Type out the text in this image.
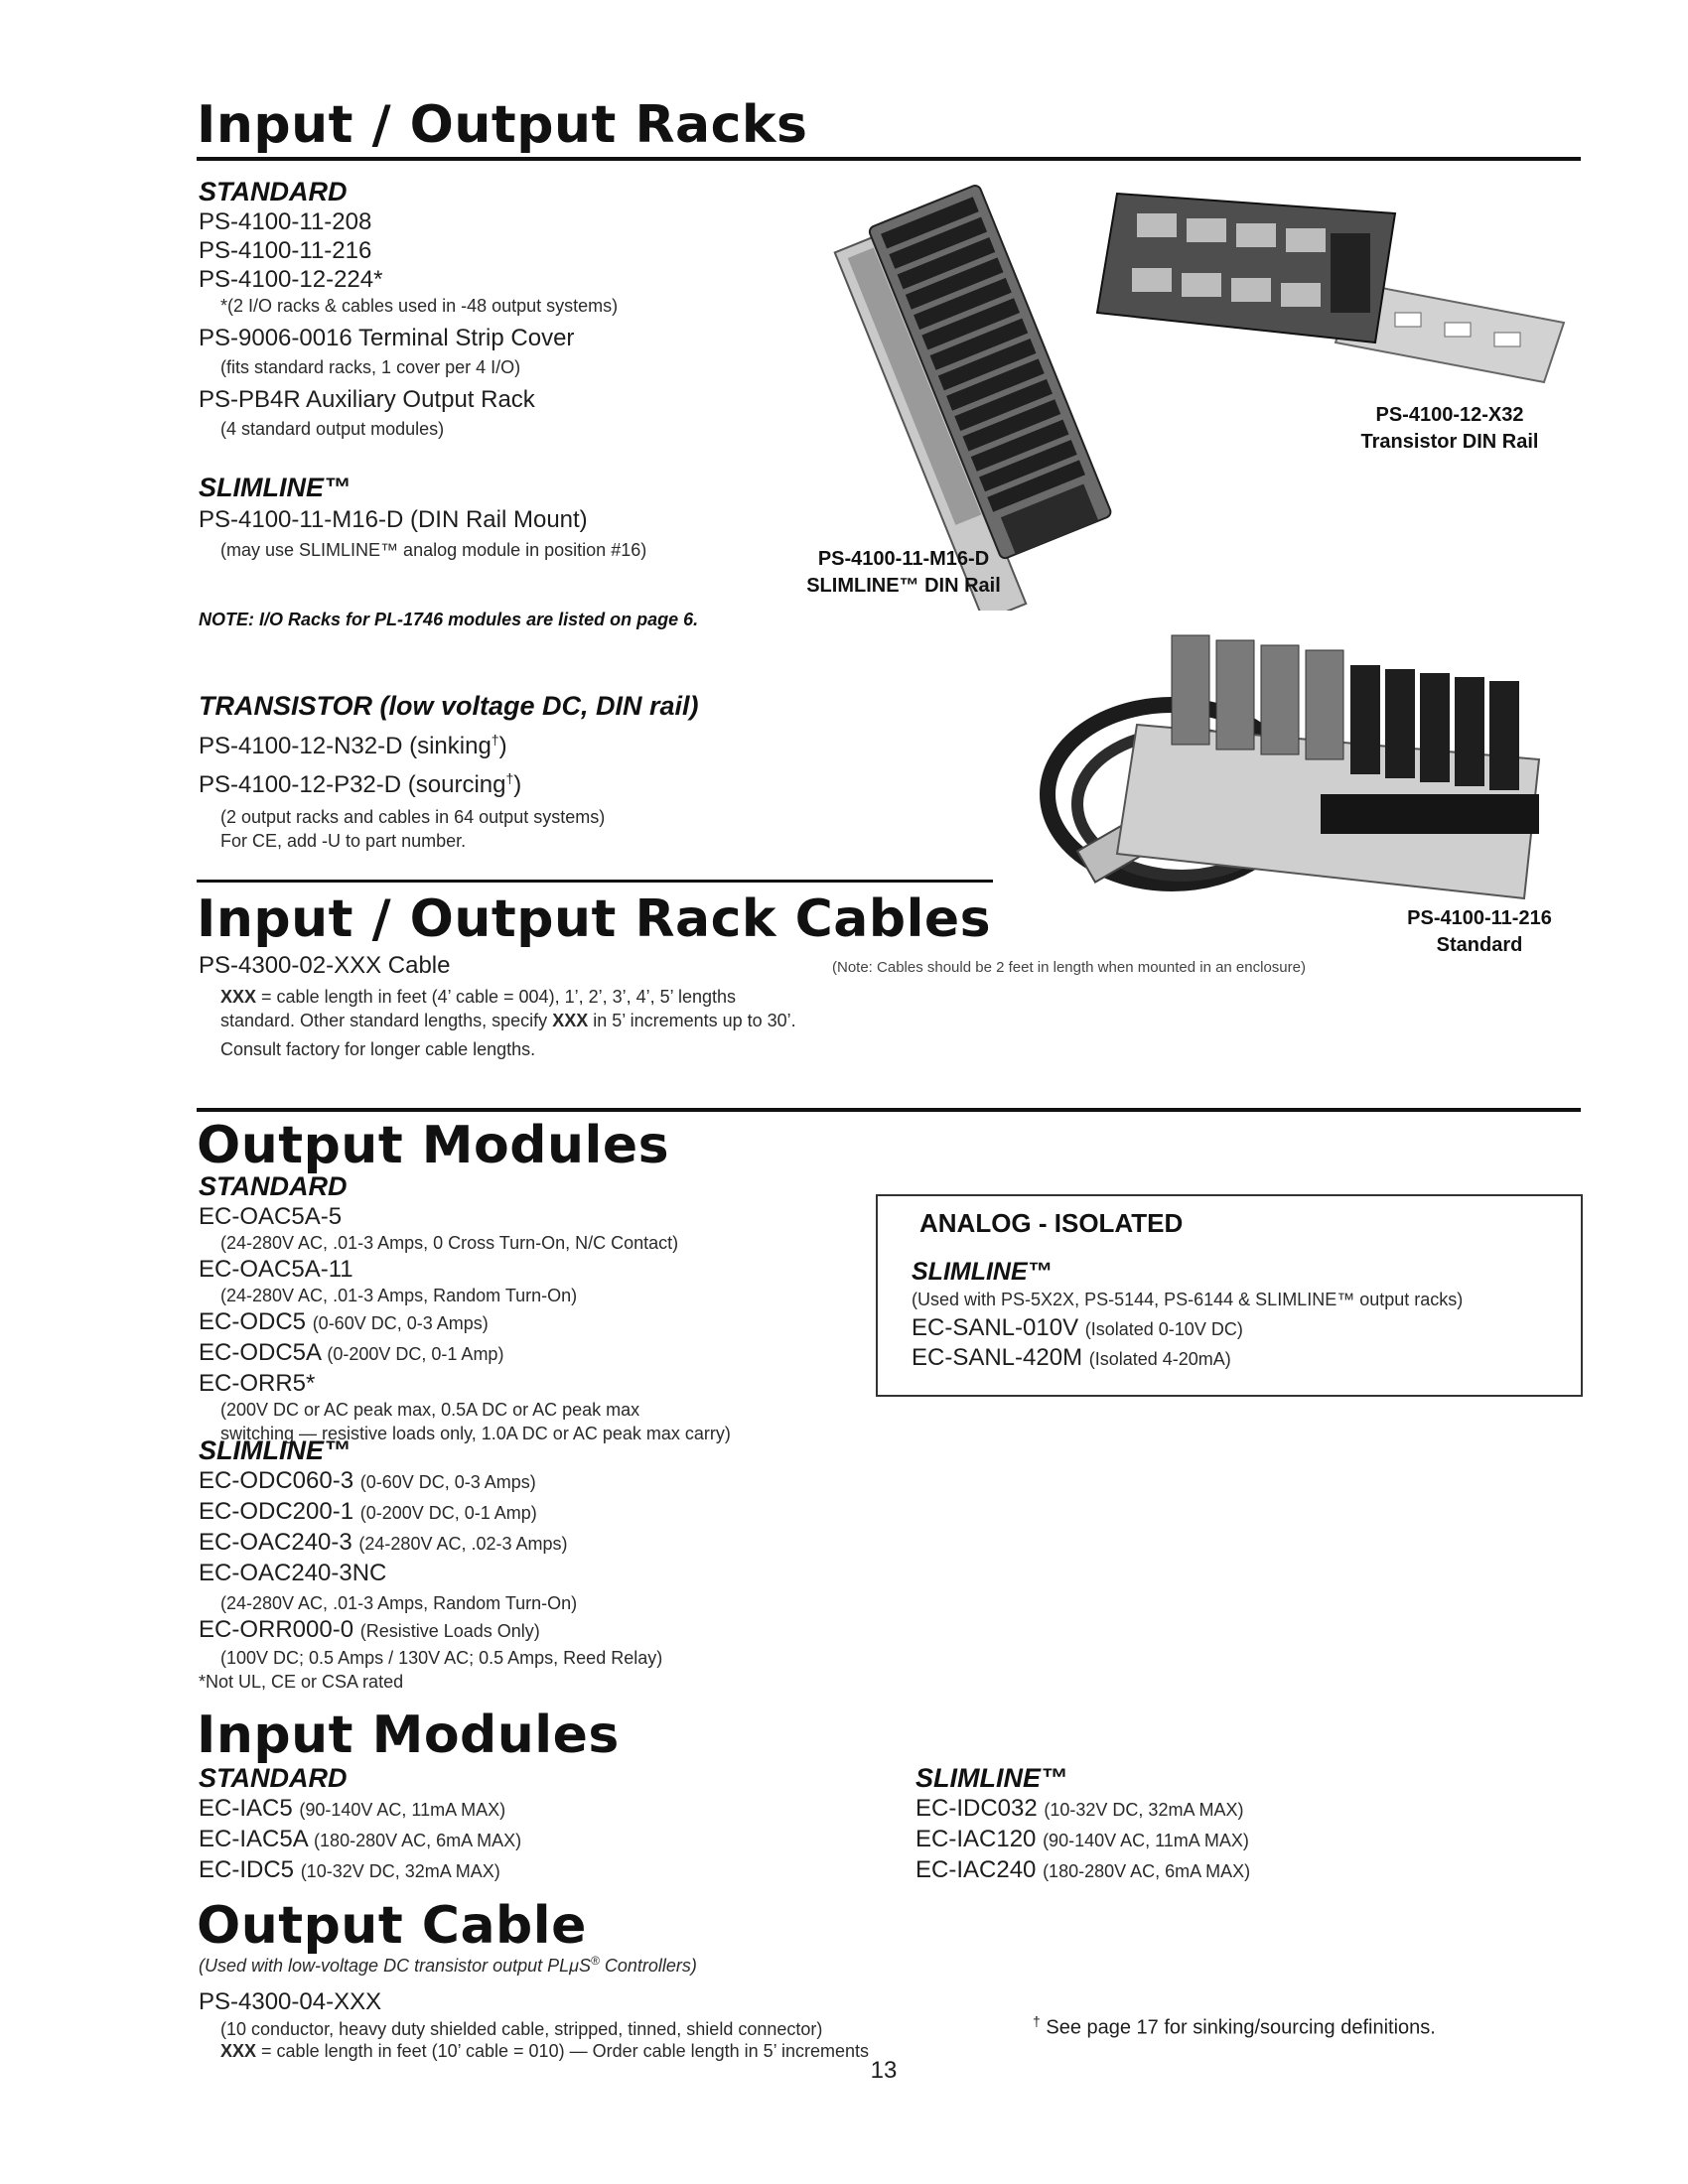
Input / Output Racks
STANDARD
PS-4100-11-208
PS-4100-11-216
PS-4100-12-224*
*(2 I/O racks & cables used in -48 output systems)
PS-9006-0016 Terminal Strip Cover
(fits standard racks, 1 cover per 4 I/O)
PS-PB4R Auxiliary Output Rack
(4 standard output modules)
SLIMLINE™
PS-4100-11-M16-D (DIN Rail Mount)
(may use SLIMLINE™ analog module in position #16)
NOTE: I/O Racks for PL-1746 modules are listed on page 6.
TRANSISTOR (low voltage DC, DIN rail)
PS-4100-12-N32-D (sinking†)
PS-4100-12-P32-D (sourcing†)
(2 output racks and cables in 64 output systems)
For CE, add -U to part number.
PS-4100-11-M16-D
SLIMLINE™ DIN Rail
PS-4100-12-X32
Transistor DIN Rail
PS-4100-11-216
Standard
Input / Output Rack Cables
PS-4300-02-XXX Cable	(Note: Cables should be 2 feet in length when mounted in an enclosure)
XXX = cable length in feet (4’ cable = 004), 1’, 2’, 3’, 4’, 5’ lengths
standard. Other standard lengths, specify XXX in 5’ increments up to 30’.
Consult factory for longer cable lengths.
Output Modules
STANDARD
EC-OAC5A-5
(24-280V AC, .01-3 Amps, 0 Cross Turn-On, N/C Contact)
EC-OAC5A-11
(24-280V AC, .01-3 Amps, Random Turn-On)
EC-ODC5 (0-60V DC, 0-3 Amps)
EC-ODC5A (0-200V DC, 0-1 Amp)
EC-ORR5*
(200V DC or AC peak max, 0.5A DC or AC peak max
switching — resistive loads only, 1.0A DC or AC peak max carry)
SLIMLINE™
EC-ODC060-3 (0-60V DC, 0-3 Amps)
EC-ODC200-1 (0-200V DC, 0-1 Amp)
EC-OAC240-3 (24-280V AC, .02-3 Amps)
EC-OAC240-3NC
(24-280V AC, .01-3 Amps, Random Turn-On)
EC-ORR000-0 (Resistive Loads Only)
(100V DC; 0.5 Amps / 130V AC; 0.5 Amps, Reed Relay)
*Not UL, CE or CSA rated
ANALOG - ISOLATED
SLIMLINE™
(Used with PS-5X2X, PS-5144, PS-6144 & SLIMLINE™ output racks)
EC-SANL-010V (Isolated 0-10V DC)
EC-SANL-420M (Isolated 4-20mA)
Input Modules
STANDARD
EC-IAC5 (90-140V AC, 11mA MAX)
EC-IAC5A (180-280V AC, 6mA MAX)
EC-IDC5 (10-32V DC, 32mA MAX)
SLIMLINE™
EC-IDC032 (10-32V DC, 32mA MAX)
EC-IAC120 (90-140V AC, 11mA MAX)
EC-IAC240 (180-280V AC, 6mA MAX)
Output Cable
(Used with low-voltage DC transistor output PLμS® Controllers)
PS-4300-04-XXX
(10 conductor, heavy duty shielded cable, stripped, tinned, shield connector)
XXX = cable length in feet (10’ cable = 010) — Order cable length in 5’ increments
† See page 17 for sinking/sourcing definitions.
13
